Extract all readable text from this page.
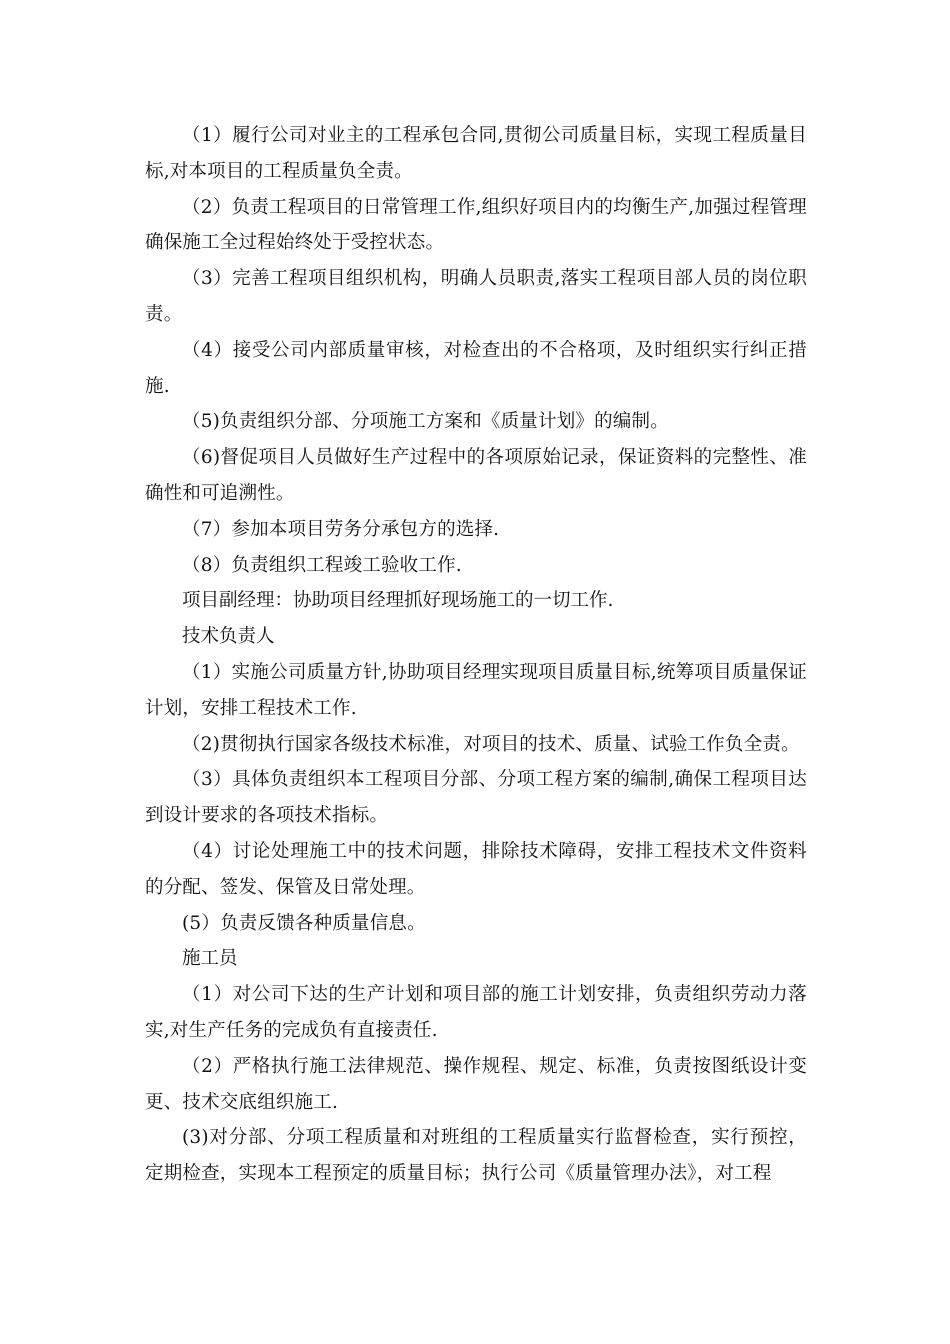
（1）履行公司对业主的工程承包合同,贯彻公司质量目标，实现工程质量目标,对本项目的工程质量负全责。

（2）负责工程项目的日常管理工作,组织好项目内的均衡生产,加强过程管理确保施工全过程始终处于受控状态。

（3）完善工程项目组织机构，明确人员职责,落实工程项目部人员的岗位职责。

（4）接受公司内部质量审核，对检查出的不合格项，及时组织实行纠正措施.

（5)负责组织分部、分项施工方案和《质量计划》的编制。

（6)督促项目人员做好生产过程中的各项原始记录，保证资料的完整性、准确性和可追溯性。

（7）参加本项目劳务分承包方的选择.

（8）负责组织工程竣工验收工作.

项目副经理：协助项目经理抓好现场施工的一切工作.

技术负责人

（1）实施公司质量方针,协助项目经理实现项目质量目标,统筹项目质量保证计划，安排工程技术工作.

（2)贯彻执行国家各级技术标准，对项目的技术、质量、试验工作负全责。

（3）具体负责组织本工程项目分部、分项工程方案的编制,确保工程项目达到设计要求的各项技术指标。

（4）讨论处理施工中的技术问题，排除技术障碍，安排工程技术文件资料的分配、签发、保管及日常处理。

(5）负责反馈各种质量信息。

施工员

（1）对公司下达的生产计划和项目部的施工计划安排，负责组织劳动力落实,对生产任务的完成负有直接责任.

（2）严格执行施工法律规范、操作规程、规定、标准，负责按图纸设计变更、技术交底组织施工.

(3)对分部、分项工程质量和对班组的工程质量实行监督检查，实行预控，定期检查，实现本工程预定的质量目标；执行公司《质量管理办法》，对工程
